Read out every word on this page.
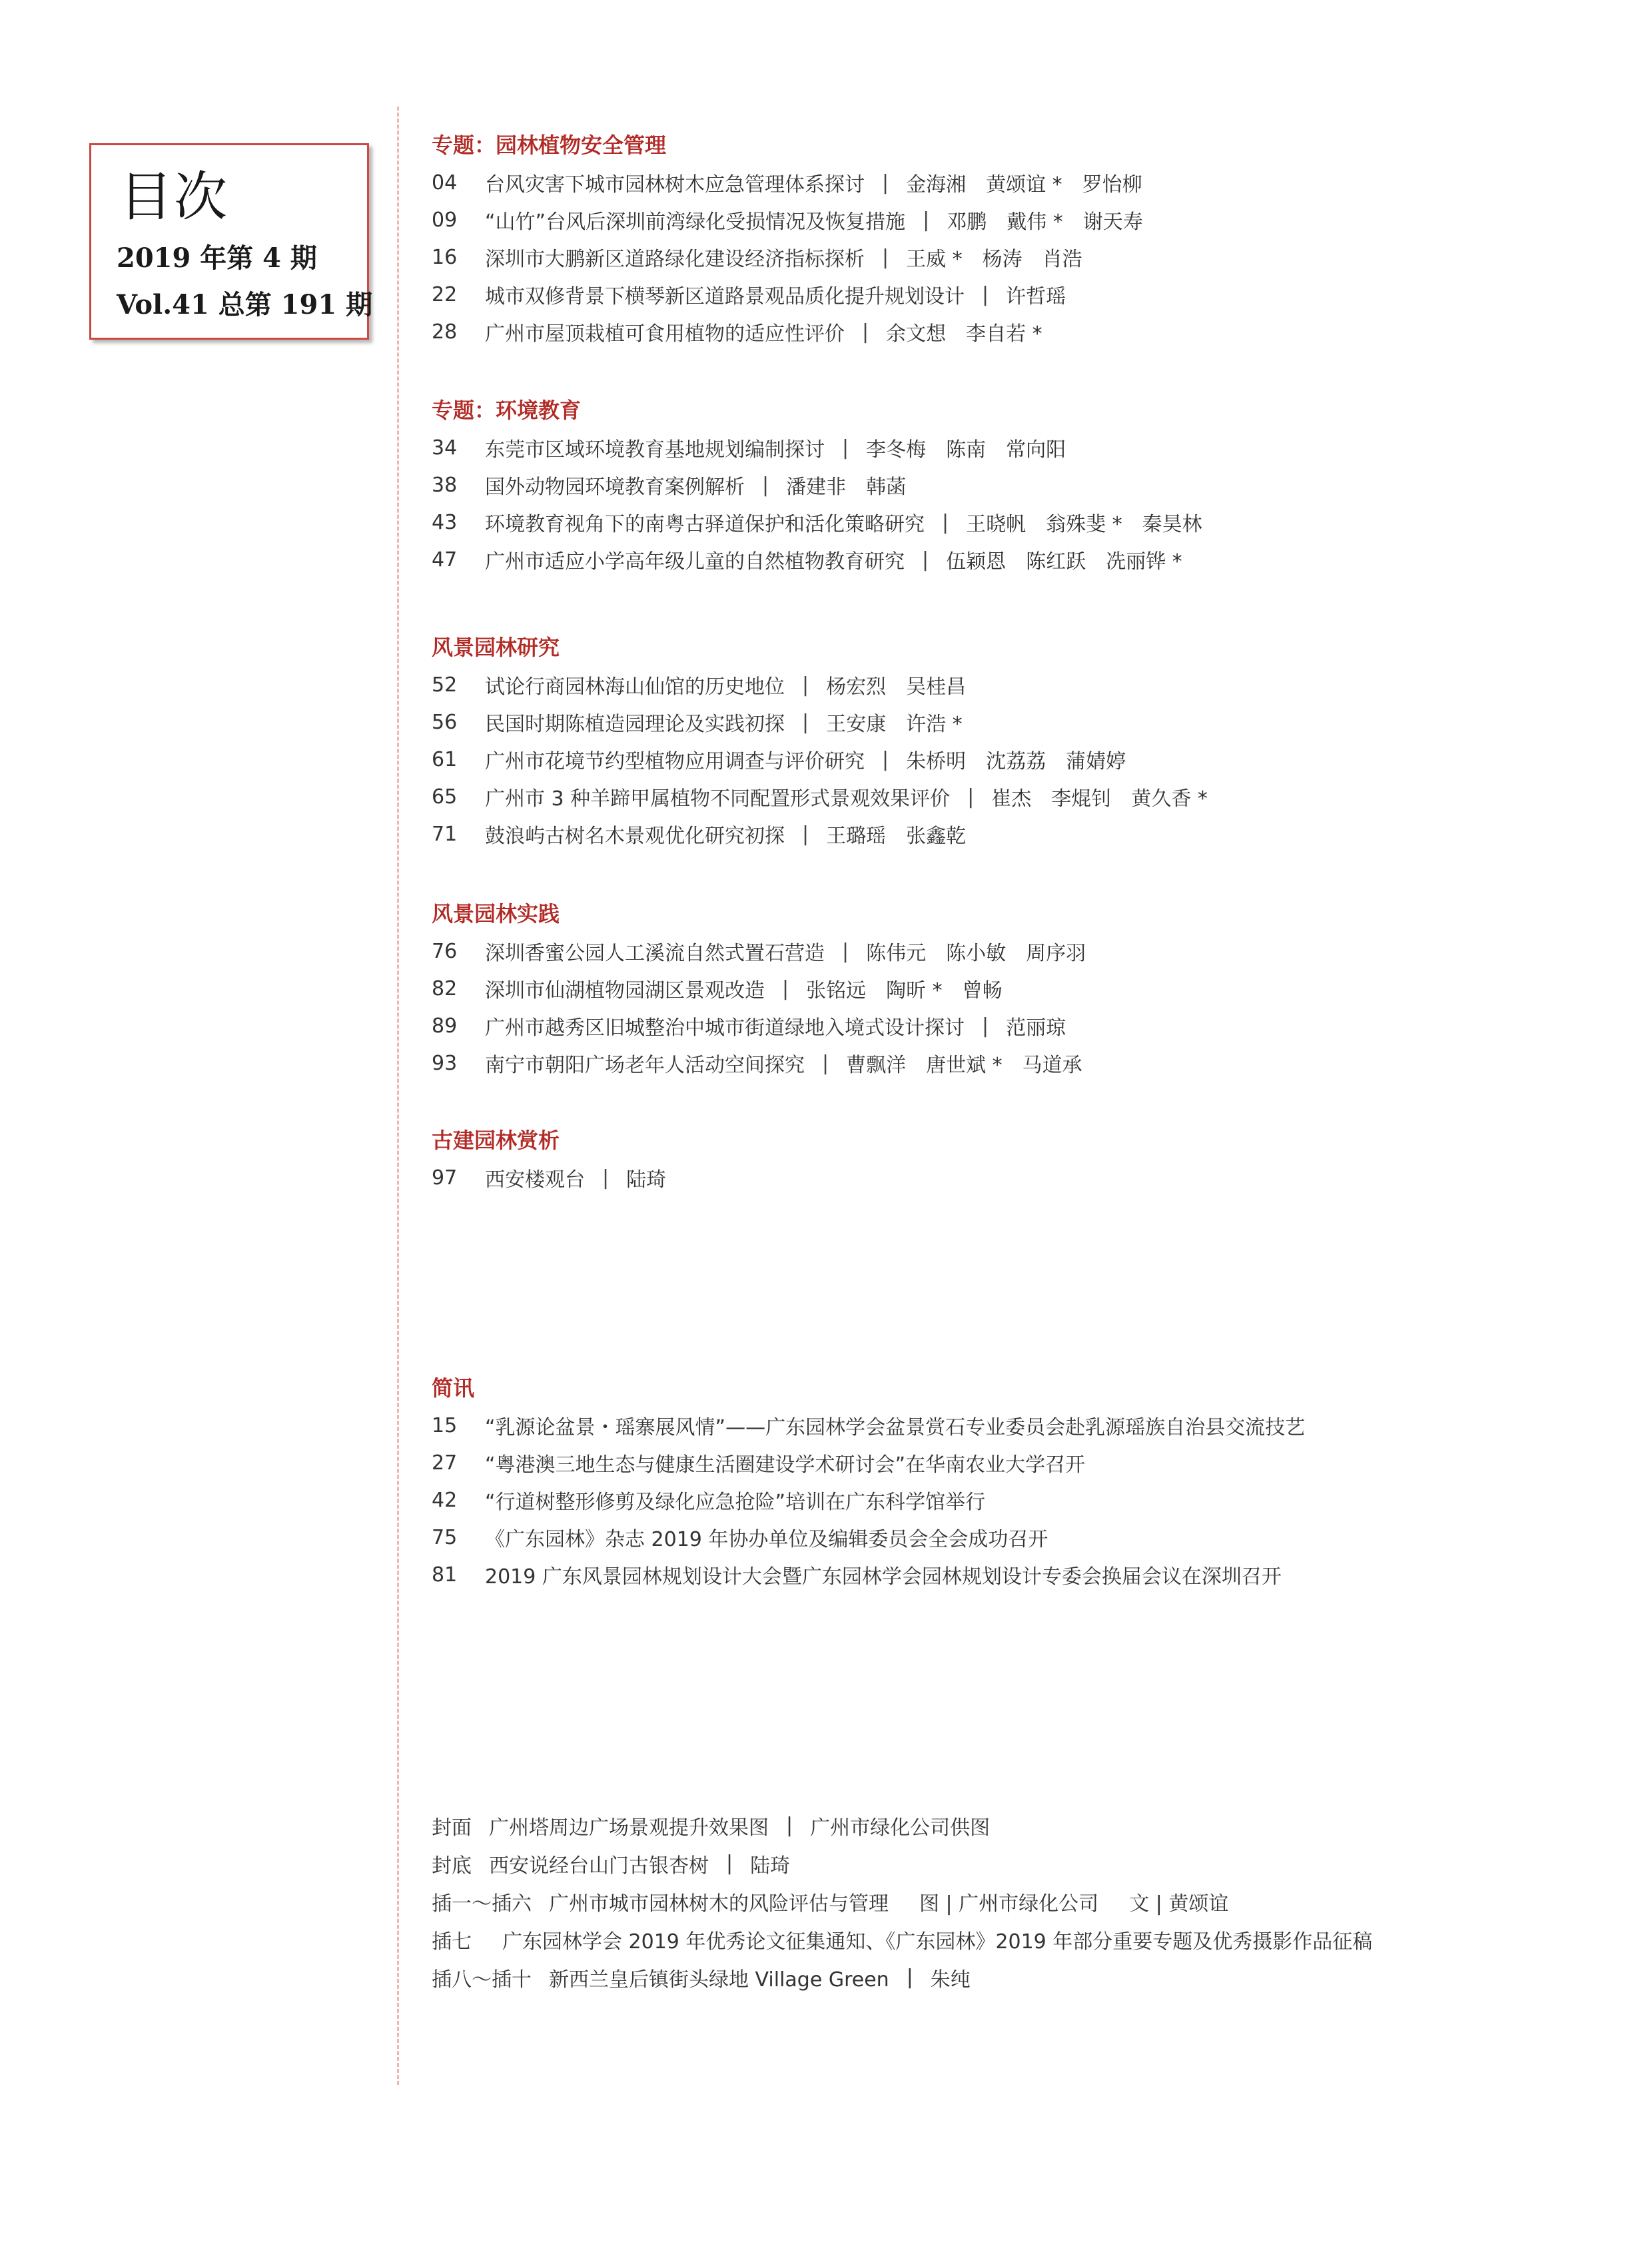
目次
2019 年第 4 期
Vol.41 总第 191 期
专题：园林植物安全管理
04	台风灾害下城市园林树木应急管理体系探讨 | 金海湘 黄颂谊 * 罗怡柳
09	“山竹”台风后深圳前湾绿化受损情况及恢复措施 | 邓鹏 戴伟 * 谢天寿
16	深圳市大鹏新区道路绿化建设经济指标探析 | 王威 * 杨涛 肖浩
22	城市双修背景下横琴新区道路景观品质化提升规划设计 | 许哲瑶
28	广州市屋顶栽植可食用植物的适应性评价 | 余文想 李自若 *
专题：环境教育
34	东莞市区域环境教育基地规划编制探讨 | 李冬梅 陈南 常向阳
38	国外动物园环境教育案例解析 | 潘建非 韩菡
43	环境教育视角下的南粤古驿道保护和活化策略研究 | 王晓帆 翁殊斐 * 秦昊林
47	广州市适应小学高年级儿童的自然植物教育研究 | 伍颖恩 陈红跃 冼丽铧 *
风景园林研究
52	试论行商园林海山仙馆的历史地位 | 杨宏烈 吴桂昌
56	民国时期陈植造园理论及实践初探 | 王安康 许浩 *
61	广州市花境节约型植物应用调查与评价研究 | 朱桥明 沈荔荔 蒲婧婷
65	广州市 3 种羊蹄甲属植物不同配置形式景观效果评价 | 崔杰 李焜钊 黄久香 *
71	鼓浪屿古树名木景观优化研究初探 | 王璐瑶 张鑫乾
风景园林实践
76	深圳香蜜公园人工溪流自然式置石营造 | 陈伟元 陈小敏 周序羽
82	深圳市仙湖植物园湖区景观改造 | 张铭远 陶昕 * 曾畅
89	广州市越秀区旧城整治中城市街道绿地入境式设计探讨 | 范丽琼
93	南宁市朝阳广场老年人活动空间探究 | 曹飘洋 唐世斌 * 马道承
古建园林赏析
97	西安楼观台 | 陆琦
简讯
15	“乳源论盆景・瑶寨展风情”——广东园林学会盆景赏石专业委员会赴乳源瑶族自治县交流技艺
27	“粤港澳三地生态与健康生活圈建设学术研讨会”在华南农业大学召开
42	“行道树整形修剪及绿化应急抢险”培训在广东科学馆举行
75	《广东园林》杂志 2019 年协办单位及编辑委员会全会成功召开
81	2019 广东风景园林规划设计大会暨广东园林学会园林规划设计专委会换届会议在深圳召开
封面 广州塔周边广场景观提升效果图 | 广州市绿化公司供图
封底 西安说经台山门古银杏树 | 陆琦
插一～插六 广州市城市园林树木的风险评估与管理 图 | 广州市绿化公司 文 | 黄颂谊
插七 广东园林学会 2019 年优秀论文征集通知、《广东园林》2019 年部分重要专题及优秀摄影作品征稿
插八～插十 新西兰皇后镇街头绿地 Village Green | 朱纯
